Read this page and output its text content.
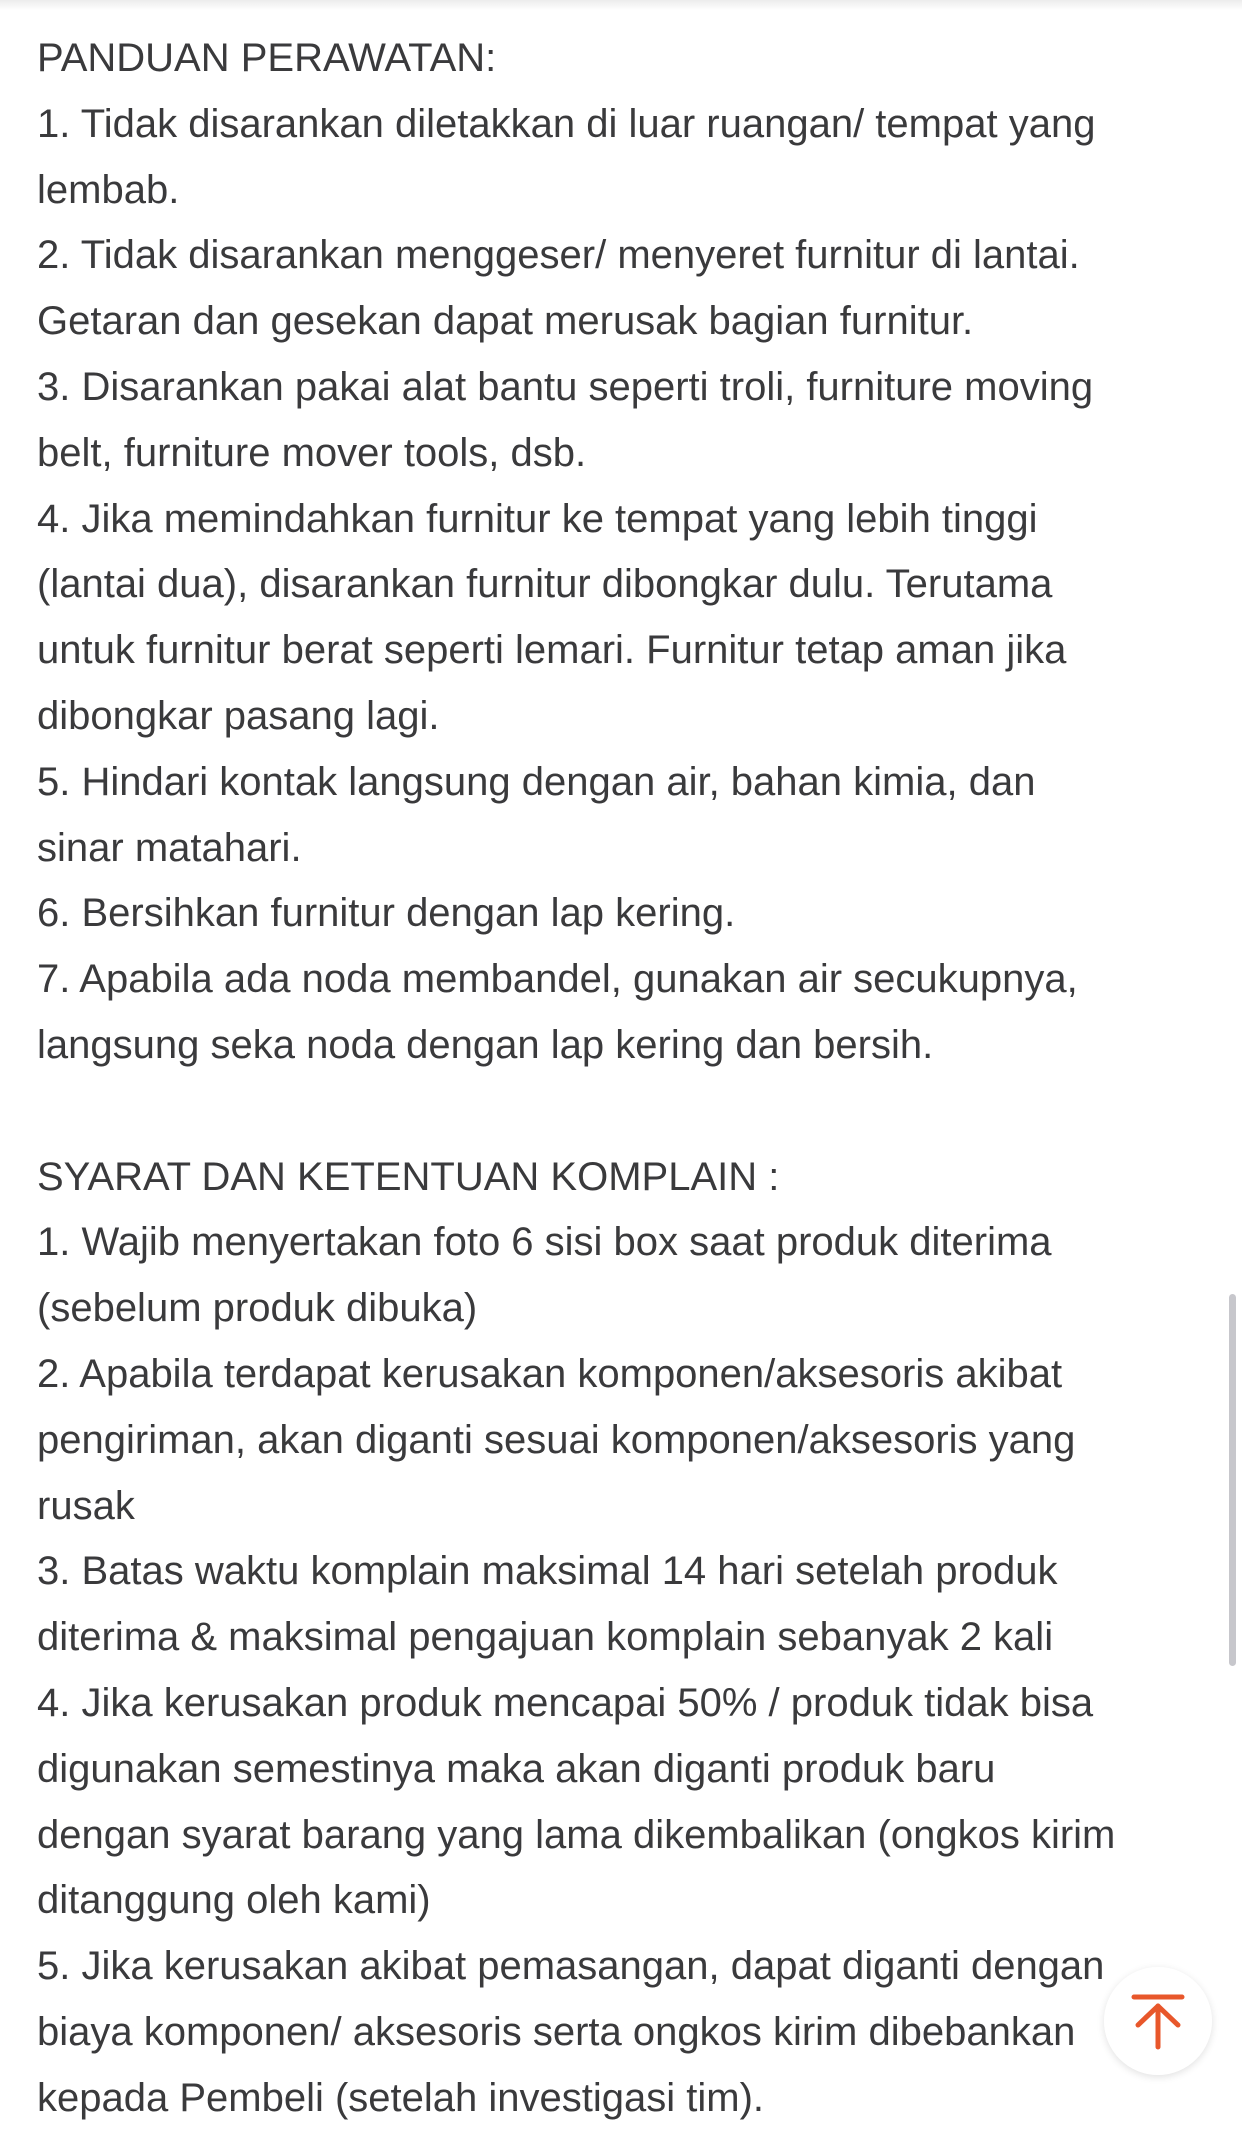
PANDUAN PERAWATAN:
1. Tidak disarankan diletakkan di luar ruangan/ tempat yang
lembab.
2. Tidak disarankan menggeser/ menyeret furnitur di lantai.
Getaran dan gesekan dapat merusak bagian furnitur.
3. Disarankan pakai alat bantu seperti troli, furniture moving
belt, furniture mover tools, dsb.
4. Jika memindahkan furnitur ke tempat yang lebih tinggi
(lantai dua), disarankan furnitur dibongkar dulu. Terutama
untuk furnitur berat seperti lemari. Furnitur tetap aman jika
dibongkar pasang lagi.
5. Hindari kontak langsung dengan air, bahan kimia, dan
sinar matahari.
6. Bersihkan furnitur dengan lap kering.
7. Apabila ada noda membandel, gunakan air secukupnya,
langsung seka noda dengan lap kering dan bersih.
SYARAT DAN KETENTUAN KOMPLAIN :
1. Wajib menyertakan foto 6 sisi box saat produk diterima
(sebelum produk dibuka)
2. Apabila terdapat kerusakan komponen/aksesoris akibat
pengiriman, akan diganti sesuai komponen/aksesoris yang
rusak
3. Batas waktu komplain maksimal 14 hari setelah produk
diterima & maksimal pengajuan komplain sebanyak 2 kali
4. Jika kerusakan produk mencapai 50% / produk tidak bisa
digunakan semestinya maka akan diganti produk baru
dengan syarat barang yang lama dikembalikan (ongkos kirim
ditanggung oleh kami)
5. Jika kerusakan akibat pemasangan, dapat diganti dengan
biaya komponen/ aksesoris serta ongkos kirim dibebankan
kepada Pembeli (setelah investigasi tim).
